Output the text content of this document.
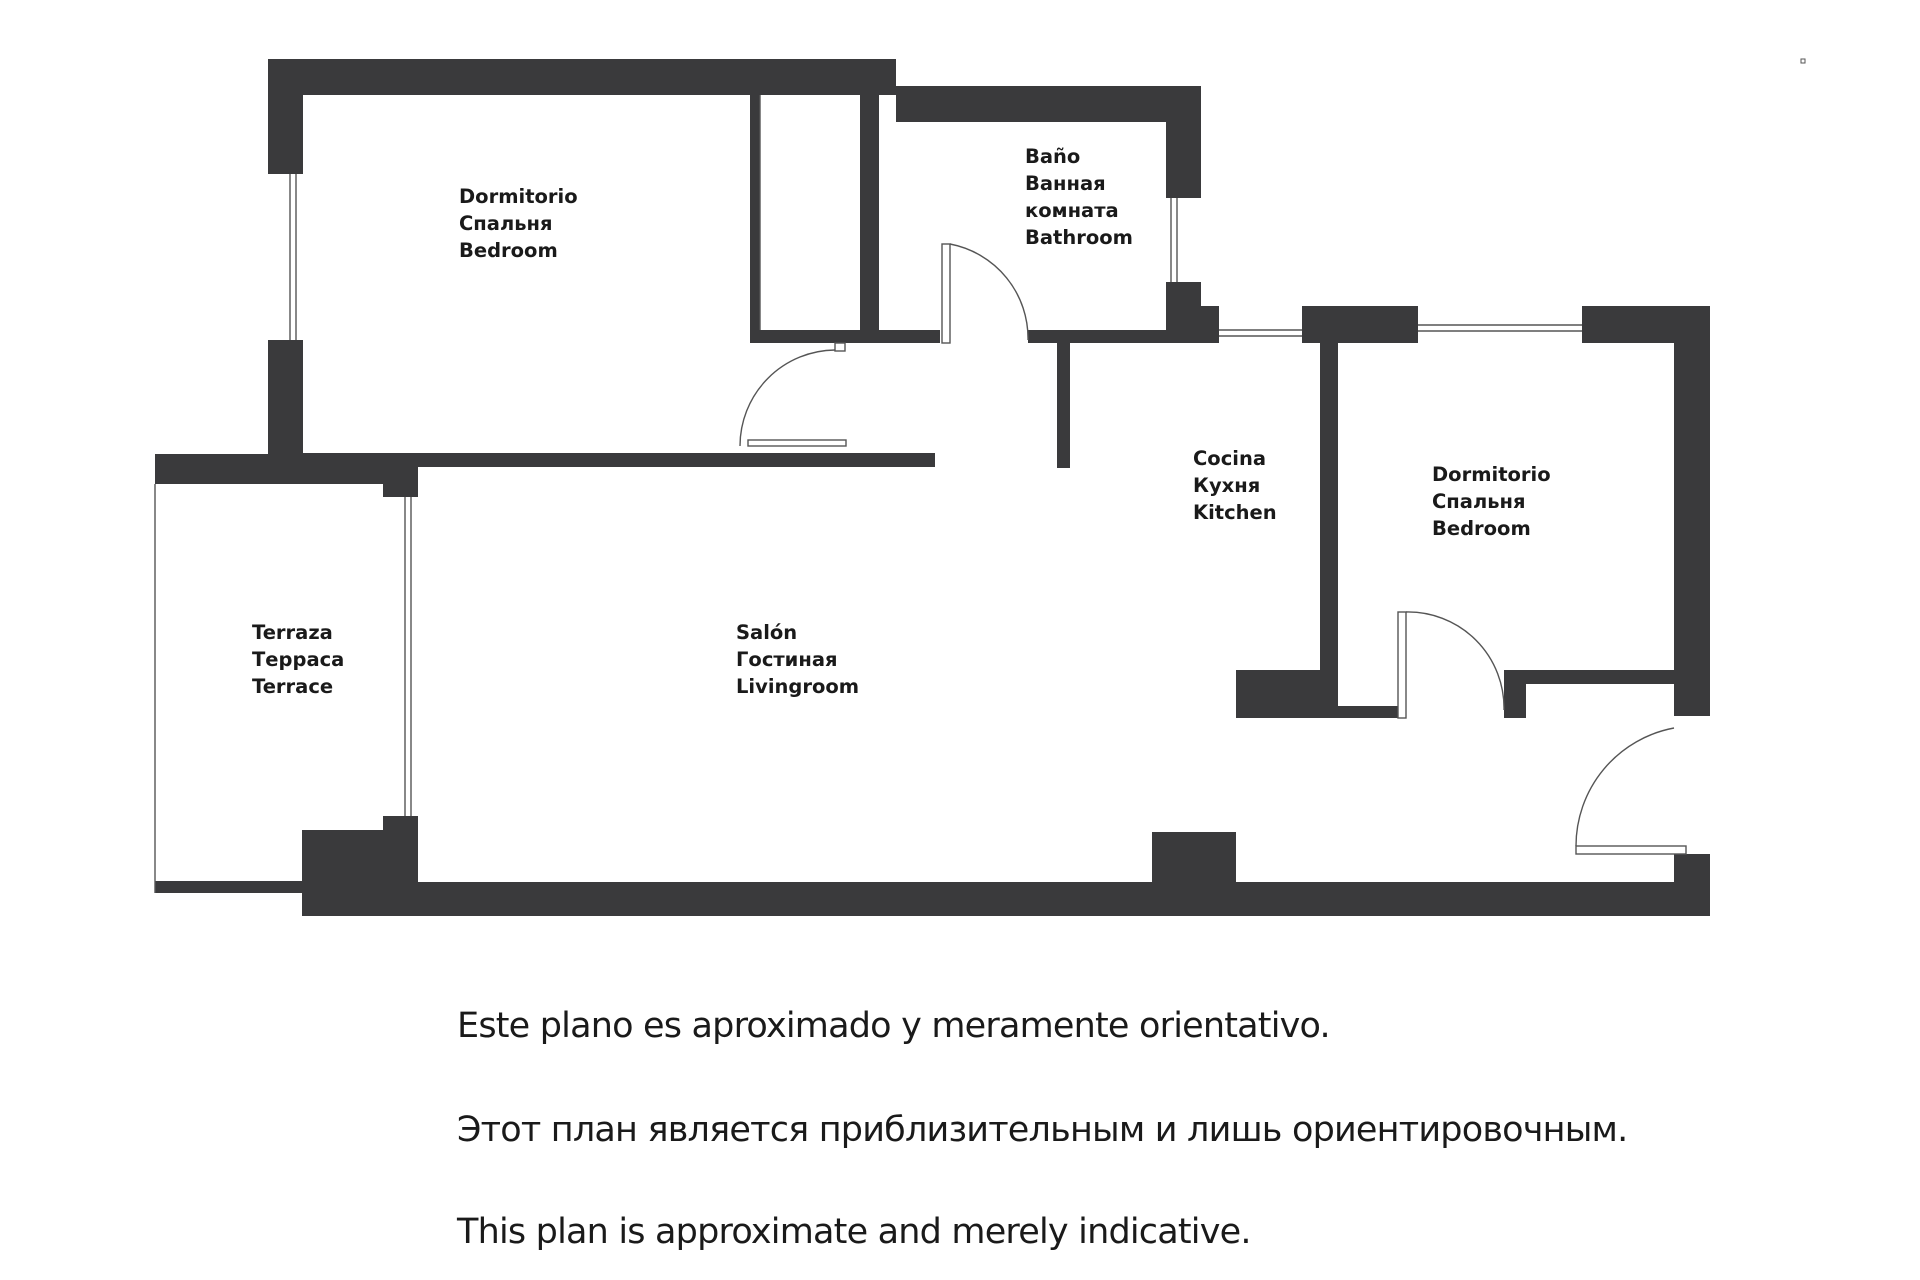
Dormitorio
Спальня
Bedroom
Baño
Ванная
комната
Bathroom
Cocina
Кухня
Kitchen
Dormitorio
Спальня
Bedroom
Terraza
Терраса
Terrace
Salón
Гостиная
Livingroom
Este plano es aproximado y meramente orientativo.
Этот план является приблизительным и лишь ориентировочным.
This plan is approximate and merely indicative.
